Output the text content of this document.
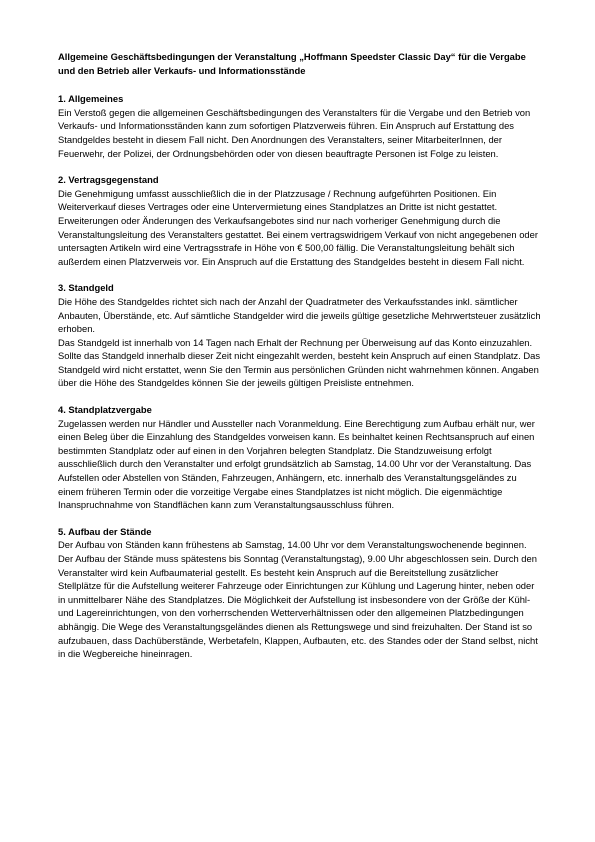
Allgemeine Geschäftsbedingungen der Veranstaltung „Hoffmann Speedster Classic Day“ für die Vergabe und den Betrieb aller Verkaufs- und Informationsstände

1. Allgemeines

Ein Verstoß gegen die allgemeinen Geschäftsbedingungen des Veranstalters für die Vergabe und den Betrieb von Verkaufs- und Informationsständen kann zum sofortigen Platzverweis führen. Ein Anspruch auf Erstattung des Standgeldes besteht in diesem Fall nicht. Den Anordnungen des Veranstalters, seiner MitarbeiterInnen, der Feuerwehr, der Polizei, der Ordnungsbehörden oder von diesen beauftragte Personen ist Folge zu leisten.

2. Vertragsgegenstand

Die Genehmigung umfasst ausschließlich die in der Platzzusage / Rechnung aufgeführten Positionen. Ein Weiterverkauf dieses Vertrages oder eine Untervermietung eines Standplatzes an Dritte ist nicht gestattet. Erweiterungen oder Änderungen des Verkaufsangebotes sind nur nach vorheriger Genehmigung durch die Veranstaltungsleitung des Veranstalters gestattet. Bei einem vertragswidrigem Verkauf von nicht angegebenen oder untersagten Artikeln wird eine Vertragsstrafe in Höhe von € 500,00 fällig. Die Veranstaltungsleitung behält sich außerdem einen Platzverweis vor. Ein Anspruch auf die Erstattung des Standgeldes besteht in diesem Fall nicht.

3. Standgeld

Die Höhe des Standgeldes richtet sich nach der Anzahl der Quadratmeter des Verkaufsstandes inkl. sämtlicher Anbauten, Überstände, etc. Auf sämtliche Standgelder wird die jeweils gültige gesetzliche Mehrwertsteuer zusätzlich erhoben.

Das Standgeld ist innerhalb von 14 Tagen nach Erhalt der Rechnung per Überweisung auf das Konto einzuzahlen. Sollte das Standgeld innerhalb dieser Zeit nicht eingezahlt werden, besteht kein Anspruch auf einen Standplatz. Das Standgeld wird nicht erstattet, wenn Sie den Termin aus persönlichen Gründen nicht wahrnehmen können. Angaben über die Höhe des Standgeldes können Sie der jeweils gültigen Preisliste entnehmen.

4. Standplatzvergabe

Zugelassen werden nur Händler und Aussteller nach Voranmeldung. Eine Berechtigung zum Aufbau erhält nur, wer einen Beleg über die Einzahlung des Standgeldes vorweisen kann. Es beinhaltet keinen Rechtsanspruch auf einen bestimmten Standplatz oder auf einen in den Vorjahren belegten Standplatz. Die Standzuweisung erfolgt ausschließlich durch den Veranstalter und erfolgt grundsätzlich ab Samstag, 14.00 Uhr vor der Veranstaltung. Das Aufstellen oder Abstellen von Ständen, Fahrzeugen, Anhängern, etc. innerhalb des Veranstaltungsgeländes zu einem früheren Termin oder die vorzeitige Vergabe eines Standplatzes ist nicht möglich. Die eigenmächtige Inanspruchnahme von Standflächen kann zum Veranstaltungsausschluss führen.

5. Aufbau der Stände

Der Aufbau von Ständen kann frühestens ab Samstag, 14.00 Uhr vor dem Veranstaltungswochenende beginnen. Der Aufbau der Stände muss spätestens bis Sonntag (Veranstaltungstag), 9.00 Uhr abgeschlossen sein. Durch den Veranstalter wird kein Aufbaumaterial gestellt. Es besteht kein Anspruch auf die Bereitstellung zusätzlicher Stellplätze für die Aufstellung weiterer Fahrzeuge oder Einrichtungen zur Kühlung und Lagerung hinter, neben oder in unmittelbarer Nähe des Standplatzes. Die Möglichkeit der Aufstellung ist insbesondere von der Größe der Kühl- und Lagereinrichtungen, von den vorherrschenden Wetterverhältnissen oder den allgemeinen Platzbedingungen abhängig. Die Wege des Veranstaltungsgeländes dienen als Rettungswege und sind freizuhalten. Der Stand ist so aufzubauen, dass Dachüberstände, Werbetafeln, Klappen, Aufbauten, etc. des Standes oder der Stand selbst, nicht in die Wegbereiche hineinragen.
